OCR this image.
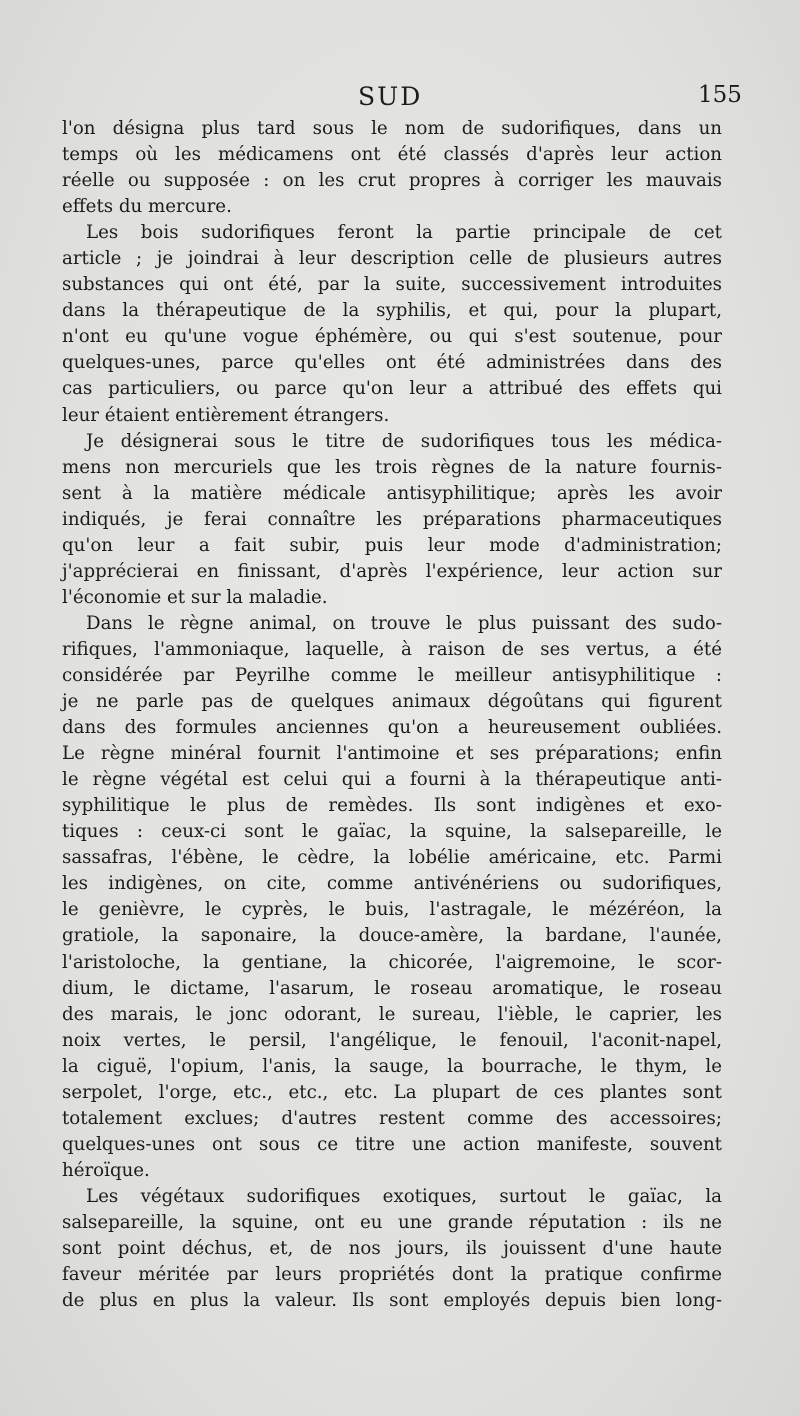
SUD	155
l'on désigna plus tard sous le nom de sudorifiques, dans un
temps où les médicamens ont été classés d'après leur action
réelle ou supposée : on les crut propres à corriger les mauvais
effets du mercure.
Les bois sudorifiques feront la partie principale de cet
article ; je joindrai à leur description celle de plusieurs autres
substances qui ont été, par la suite, successivement introduites
dans la thérapeutique de la syphilis, et qui, pour la plupart,
n'ont eu qu'une vogue éphémère, ou qui s'est soutenue, pour
quelques-unes, parce qu'elles ont été administrées dans des
cas particuliers, ou parce qu'on leur a attribué des effets qui
leur étaient entièrement étrangers.
Je désignerai sous le titre de sudorifiques tous les médica-
mens non mercuriels que les trois règnes de la nature fournis-
sent à la matière médicale antisyphilitique; après les avoir
indiqués, je ferai connaître les préparations pharmaceutiques
qu'on leur a fait subir, puis leur mode d'administration;
j'apprécierai en finissant, d'après l'expérience, leur action sur
l'économie et sur la maladie.
Dans le règne animal, on trouve le plus puissant des sudo-
rifiques, l'ammoniaque, laquelle, à raison de ses vertus, a été
considérée par Peyrilhe comme le meilleur antisyphilitique :
je ne parle pas de quelques animaux dégoûtans qui figurent
dans des formules anciennes qu'on a heureusement oubliées.
Le règne minéral fournit l'antimoine et ses préparations; enfin
le règne végétal est celui qui a fourni à la thérapeutique anti-
syphilitique le plus de remèdes. Ils sont indigènes et exo-
tiques : ceux-ci sont le gaïac, la squine, la salsepareille, le
sassafras, l'ébène, le cèdre, la lobélie américaine, etc. Parmi
les indigènes, on cite, comme antivénériens ou sudorifiques,
le genièvre, le cyprès, le buis, l'astragale, le mézéréon, la
gratiole, la saponaire, la douce-amère, la bardane, l'aunée,
l'aristoloche, la gentiane, la chicorée, l'aigremoine, le scor-
dium, le dictame, l'asarum, le roseau aromatique, le roseau
des marais, le jonc odorant, le sureau, l'ièble, le caprier, les
noix vertes, le persil, l'angélique, le fenouil, l'aconit-napel,
la ciguë, l'opium, l'anis, la sauge, la bourrache, le thym, le
serpolet, l'orge, etc., etc., etc. La plupart de ces plantes sont
totalement exclues; d'autres restent comme des accessoires;
quelques-unes ont sous ce titre une action manifeste, souvent
héroïque.
Les végétaux sudorifiques exotiques, surtout le gaïac, la
salsepareille, la squine, ont eu une grande réputation : ils ne
sont point déchus, et, de nos jours, ils jouissent d'une haute
faveur méritée par leurs propriétés dont la pratique confirme
de plus en plus la valeur. Ils sont employés depuis bien long-
